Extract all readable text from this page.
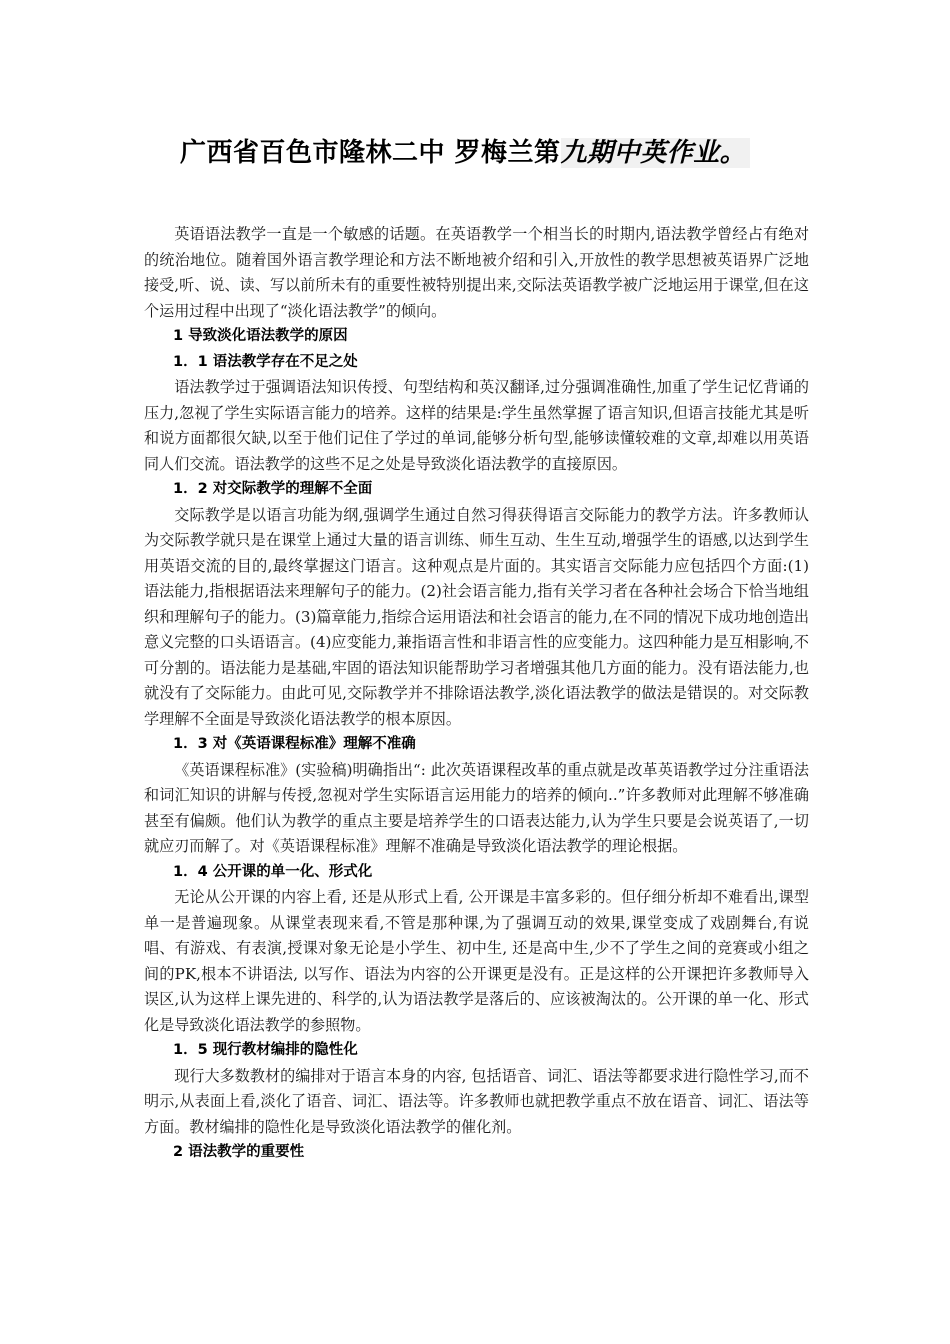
广西省百色市隆林二中 罗梅兰第九期中英作业。

英语语法教学一直是一个敏感的话题。在英语教学一个相当长的时期内,语法教学曾经占有绝对的统治地位。随着国外语言教学理论和方法不断地被介绍和引入,开放性的教学思想被英语界广泛地接受,听、说、读、写以前所未有的重要性被特别提出来,交际法英语教学被广泛地运用于课堂,但在这个运用过程中出现了“淡化语法教学”的倾向。

1 导致淡化语法教学的原因
1．1 语法教学存在不足之处

语法教学过于强调语法知识传授、句型结构和英汉翻译,过分强调准确性,加重了学生记忆背诵的压力,忽视了学生实际语言能力的培养。这样的结果是:学生虽然掌握了语言知识,但语言技能尤其是听和说方面都很欠缺,以至于他们记住了学过的单词,能够分析句型,能够读懂较难的文章,却难以用英语同人们交流。语法教学的这些不足之处是导致淡化语法教学的直接原因。

1．2 对交际教学的理解不全面

交际教学是以语言功能为纲,强调学生通过自然习得获得语言交际能力的教学方法。许多教师认为交际教学就只是在课堂上通过大量的语言训练、师生互动、生生互动,增强学生的语感,以达到学生用英语交流的目的,最终掌握这门语言。这种观点是片面的。其实语言交际能力应包括四个方面:(1)语法能力,指根据语法来理解句子的能力。(2)社会语言能力,指有关学习者在各种社会场合下恰当地组织和理解句子的能力。(3)篇章能力,指综合运用语法和社会语言的能力,在不同的情况下成功地创造出意义完整的口头语语言。(4)应变能力,兼指语言性和非语言性的应变能力。这四种能力是互相影响,不可分割的。语法能力是基础,牢固的语法知识能帮助学习者增强其他几方面的能力。没有语法能力,也就没有了交际能力。由此可见,交际教学并不排除语法教学,淡化语法教学的做法是错误的。对交际教学理解不全面是导致淡化语法教学的根本原因。

1．3 对《英语课程标准》理解不准确

《英语课程标准》(实验稿)明确指出“: 此次英语课程改革的重点就是改革英语教学过分注重语法和词汇知识的讲解与传授,忽视对学生实际语言运用能力的培养的倾向..”许多教师对此理解不够准确甚至有偏颇。他们认为教学的重点主要是培养学生的口语表达能力,认为学生只要是会说英语了,一切就应刃而解了。对《英语课程标准》理解不准确是导致淡化语法教学的理论根据。

1．4 公开课的单一化、形式化

无论从公开课的内容上看, 还是从形式上看, 公开课是丰富多彩的。但仔细分析却不难看出,课型单一是普遍现象。从课堂表现来看,不管是那种课,为了强调互动的效果,课堂变成了戏剧舞台,有说唱、有游戏、有表演,授课对象无论是小学生、初中生, 还是高中生,少不了学生之间的竞赛或小组之间的PK,根本不讲语法, 以写作、语法为内容的公开课更是没有。正是这样的公开课把许多教师导入误区,认为这样上课先进的、科学的,认为语法教学是落后的、应该被淘汰的。公开课的单一化、形式化是导致淡化语法教学的参照物。

1．5 现行教材编排的隐性化

现行大多数教材的编排对于语言本身的内容, 包括语音、词汇、语法等都要求进行隐性学习,而不明示,从表面上看,淡化了语音、词汇、语法等。许多教师也就把教学重点不放在语音、词汇、语法等方面。教材编排的隐性化是导致淡化语法教学的催化剂。

2 语法教学的重要性
